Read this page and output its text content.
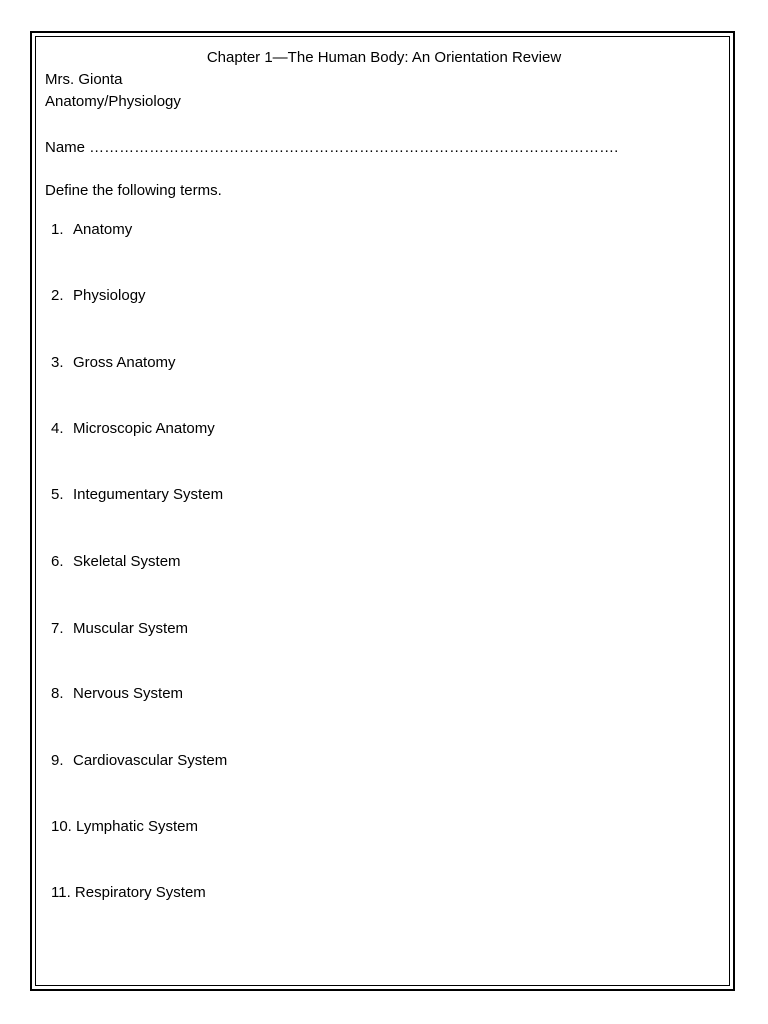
Chapter 1—The Human Body: An Orientation Review
Mrs. Gionta
Anatomy/Physiology
Name …………………………………………………………………………………………….
Define the following terms.
1. Anatomy
2. Physiology
3. Gross Anatomy
4. Microscopic Anatomy
5. Integumentary System
6. Skeletal System
7. Muscular System
8. Nervous System
9. Cardiovascular System
10. Lymphatic System
11. Respiratory System
